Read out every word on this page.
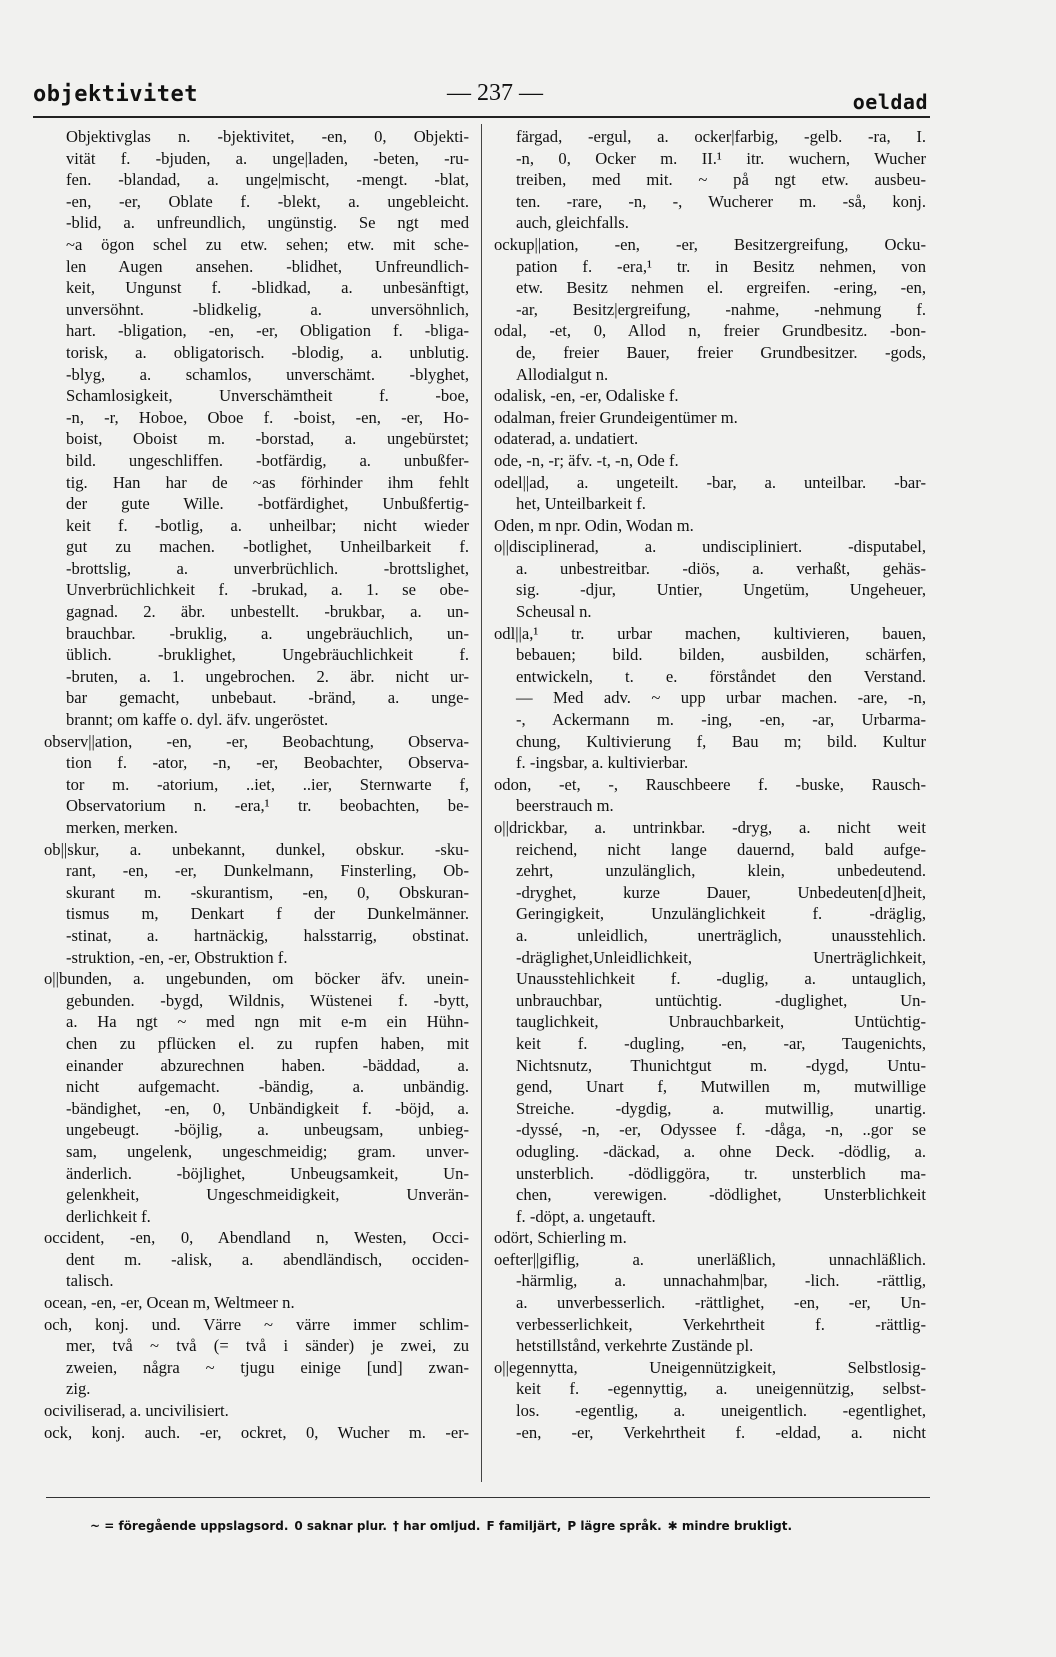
objektivitet	— 237 —	oeldad
Objektivglas n. -bjektivitet, -en, 0, Objekti-
vität f. -bjuden, a. unge|laden, -beten, -ru-
fen. -blandad, a. unge|mischt, -mengt. -blat,
-en, -er, Oblate f. -blekt, a. ungebleicht.
-blid, a. unfreundlich, ungünstig. Se ngt med
~a ögon schel zu etw. sehen; etw. mit sche-
len Augen ansehen. -blidhet, Unfreundlich-
keit, Ungunst f. -blidkad, a. unbesänftigt,
unversöhnt. -blidkelig, a. unversöhnlich,
hart. -bligation, -en, -er, Obligation f. -bliga-
torisk, a. obligatorisch. -blodig, a. unblutig.
-blyg, a. schamlos, unverschämt. -blyghet,
Schamlosigkeit, Unverschämtheit f. -boe,
-n, -r, Hoboe, Oboe f. -boist, -en, -er, Ho-
boist, Oboist m. -borstad, a. ungebürstet;
bild. ungeschliffen. -botfärdig, a. unbußfer-
tig. Han har de ~as förhinder ihm fehlt
der gute Wille. -botfärdighet, Unbußfertig-
keit f. -botlig, a. unheilbar; nicht wieder
gut zu machen. -botlighet, Unheilbarkeit f.
-brottslig, a. unverbrüchlich. -brottslighet,
Unverbrüchlichkeit f. -brukad, a. 1. se obe-
gagnad. 2. äbr. unbestellt. -brukbar, a. un-
brauchbar. -bruklig, a. ungebräuchlich, un-
üblich. -bruklighet, Ungebräuchlichkeit f.
-bruten, a. 1. ungebrochen. 2. äbr. nicht ur-
bar gemacht, unbebaut. -bränd, a. unge-
brannt; om kaffe o. dyl. äfv. ungeröstet.
observ||ation, -en, -er, Beobachtung, Observa-
tion f. -ator, -n, -er, Beobachter, Observa-
tor m. -atorium, ..iet, ..ier, Sternwarte f,
Observatorium n. -era,¹ tr. beobachten, be-
merken, merken.
ob||skur, a. unbekannt, dunkel, obskur. -sku-
rant, -en, -er, Dunkelmann, Finsterling, Ob-
skurant m. -skurantism, -en, 0, Obskuran-
tismus m, Denkart f der Dunkelmänner.
-stinat, a. hartnäckig, halsstarrig, obstinat.
-struktion, -en, -er, Obstruktion f.
o||bunden, a. ungebunden, om böcker äfv. unein-
gebunden. -bygd, Wildnis, Wüstenei f. -bytt,
a. Ha ngt ~ med ngn mit e-m ein Hühn-
chen zu pflücken el. zu rupfen haben, mit
einander abzurechnen haben. -bäddad, a.
nicht aufgemacht. -bändig, a. unbändig.
-bändighet, -en, 0, Unbändigkeit f. -böjd, a.
ungebeugt. -böjlig, a. unbeugsam, unbieg-
sam, ungelenk, ungeschmeidig; gram. unver-
änderlich. -böjlighet, Unbeugsamkeit, Un-
gelenkheit, Ungeschmeidigkeit, Unverän-
derlichkeit f.
occident, -en, 0, Abendland n, Westen, Occi-
dent m. -alisk, a. abendländisch, occiden-
talisch.
ocean, -en, -er, Ocean m, Weltmeer n.
och, konj. und. Värre ~ värre immer schlim-
mer, två ~ två (= två i sänder) je zwei, zu
zweien, några ~ tjugu einige [und] zwan-
zig.
ociviliserad, a. uncivilisiert.
ock, konj. auch. -er, ockret, 0, Wucher m. -er-
färgad, -ergul, a. ocker|farbig, -gelb. -ra, I.
-n, 0, Ocker m. II.¹ itr. wuchern, Wucher
treiben, med mit. ~ på ngt etw. ausbeu-
ten. -rare, -n, -, Wucherer m. -så, konj.
auch, gleichfalls.
ockup||ation, -en, -er, Besitzergreifung, Ocku-
pation f. -era,¹ tr. in Besitz nehmen, von
etw. Besitz nehmen el. ergreifen. -ering, -en,
-ar, Besitz|ergreifung, -nahme, -nehmung f.
odal, -et, 0, Allod n, freier Grundbesitz. -bon-
de, freier Bauer, freier Grundbesitzer. -gods,
Allodialgut n.
odalisk, -en, -er, Odaliske f.
odalman, freier Grundeigentümer m.
odaterad, a. undatiert.
ode, -n, -r; äfv. -t, -n, Ode f.
odel||ad, a. ungeteilt. -bar, a. unteilbar. -bar-
het, Unteilbarkeit f.
Oden, m npr. Odin, Wodan m.
o||disciplinerad, a. undiscipliniert. -disputabel,
a. unbestreitbar. -diös, a. verhaßt, gehäs-
sig. -djur, Untier, Ungetüm, Ungeheuer,
Scheusal n.
odl||a,¹ tr. urbar machen, kultivieren, bauen,
bebauen; bild. bilden, ausbilden, schärfen,
entwickeln, t. e. förståndet den Verstand.
— Med adv. ~ upp urbar machen. -are, -n,
-, Ackermann m. -ing, -en, -ar, Urbarma-
chung, Kultivierung f, Bau m; bild. Kultur
f. -ingsbar, a. kultivierbar.
odon, -et, -, Rauschbeere f. -buske, Rausch-
beerstrauch m.
o||drickbar, a. untrinkbar. -dryg, a. nicht weit
reichend, nicht lange dauernd, bald aufge-
zehrt, unzulänglich, klein, unbedeutend.
-dryghet, kurze Dauer, Unbedeuten[d]heit,
Geringigkeit, Unzulänglichkeit f. -dräglig,
a. unleidlich, unerträglich, unausstehlich.
-dräglighet,Unleidlichkeit, Unerträglichkeit,
Unausstehlichkeit f. -duglig, a. untauglich,
unbrauchbar, untüchtig. -duglighet, Un-
tauglichkeit, Unbrauchbarkeit, Untüchtig-
keit f. -dugling, -en, -ar, Taugenichts,
Nichtsnutz, Thunichtgut m. -dygd, Untu-
gend, Unart f, Mutwillen m, mutwillige
Streiche. -dygdig, a. mutwillig, unartig.
-dyssé, -n, -er, Odyssee f. -dåga, -n, ..gor se
odugling. -däckad, a. ohne Deck. -dödlig, a.
unsterblich. -dödliggöra, tr. unsterblich ma-
chen, verewigen. -dödlighet, Unsterblichkeit
f. -döpt, a. ungetauft.
odört, Schierling m.
oefter||giflig, a. unerläßlich, unnachläßlich.
-härmlig, a. unnachahm|bar, -lich. -rättlig,
a. unverbesserlich. -rättlighet, -en, -er, Un-
verbesserlichkeit, Verkehrtheit f. -rättlig-
hetstillstånd, verkehrte Zustände pl.
o||egennytta, Uneigennützigkeit, Selbstlosig-
keit f. -egennyttig, a. uneigennützig, selbst-
los. -egentlig, a. uneigentlich. -egentlighet,
-en, -er, Verkehrtheit f. -eldad, a. nicht
~ = föregående uppslagsord. 0 saknar plur. † har omljud. F familjärt, P lägre språk. ✱ mindre brukligt.
